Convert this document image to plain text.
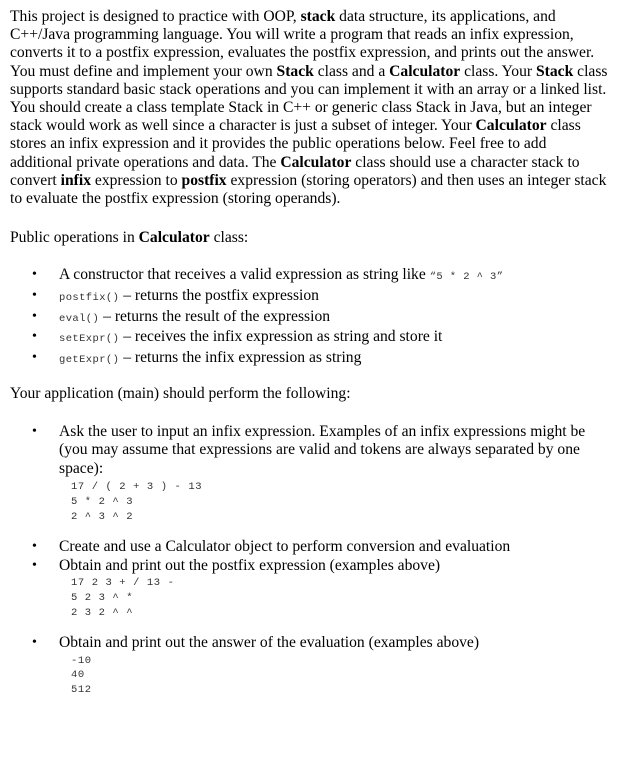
This project is designed to practice with OOP, stack data structure, its applications, and C++/Java programming language. You will write a program that reads an infix expression, converts it to a postfix expression, evaluates the postfix expression, and prints out the answer. You must define and implement your own Stack class and a Calculator class. Your Stack class supports standard basic stack operations and you can implement it with an array or a linked list. You should create a class template Stack in C++ or generic class Stack in Java, but an integer stack would work as well since a character is just a subset of integer. Your Calculator class stores an infix expression and it provides the public operations below. Feel free to add additional private operations and data. The Calculator class should use a character stack to convert infix expression to postfix expression (storing operators) and then uses an integer stack to evaluate the postfix expression (storing operands).

Public operations in Calculator class:

• A constructor that receives a valid expression as string like “5 * 2 ^ 3”
• postfix() – returns the postfix expression
• eval() – returns the result of the expression
• setExpr() – receives the infix expression as string and store it
• getExpr() – returns the infix expression as string

Your application (main) should perform the following:

• Ask the user to input an infix expression. Examples of an infix expressions might be (you may assume that expressions are valid and tokens are always separated by one space):
17 / ( 2 + 3 ) - 13
5 * 2 ^ 3
2 ^ 3 ^ 2
• Create and use a Calculator object to perform conversion and evaluation
• Obtain and print out the postfix expression (examples above)
17 2 3 + / 13 -
5 2 3 ^ *
2 3 2 ^ ^
• Obtain and print out the answer of the evaluation (examples above)
-10
40
512
